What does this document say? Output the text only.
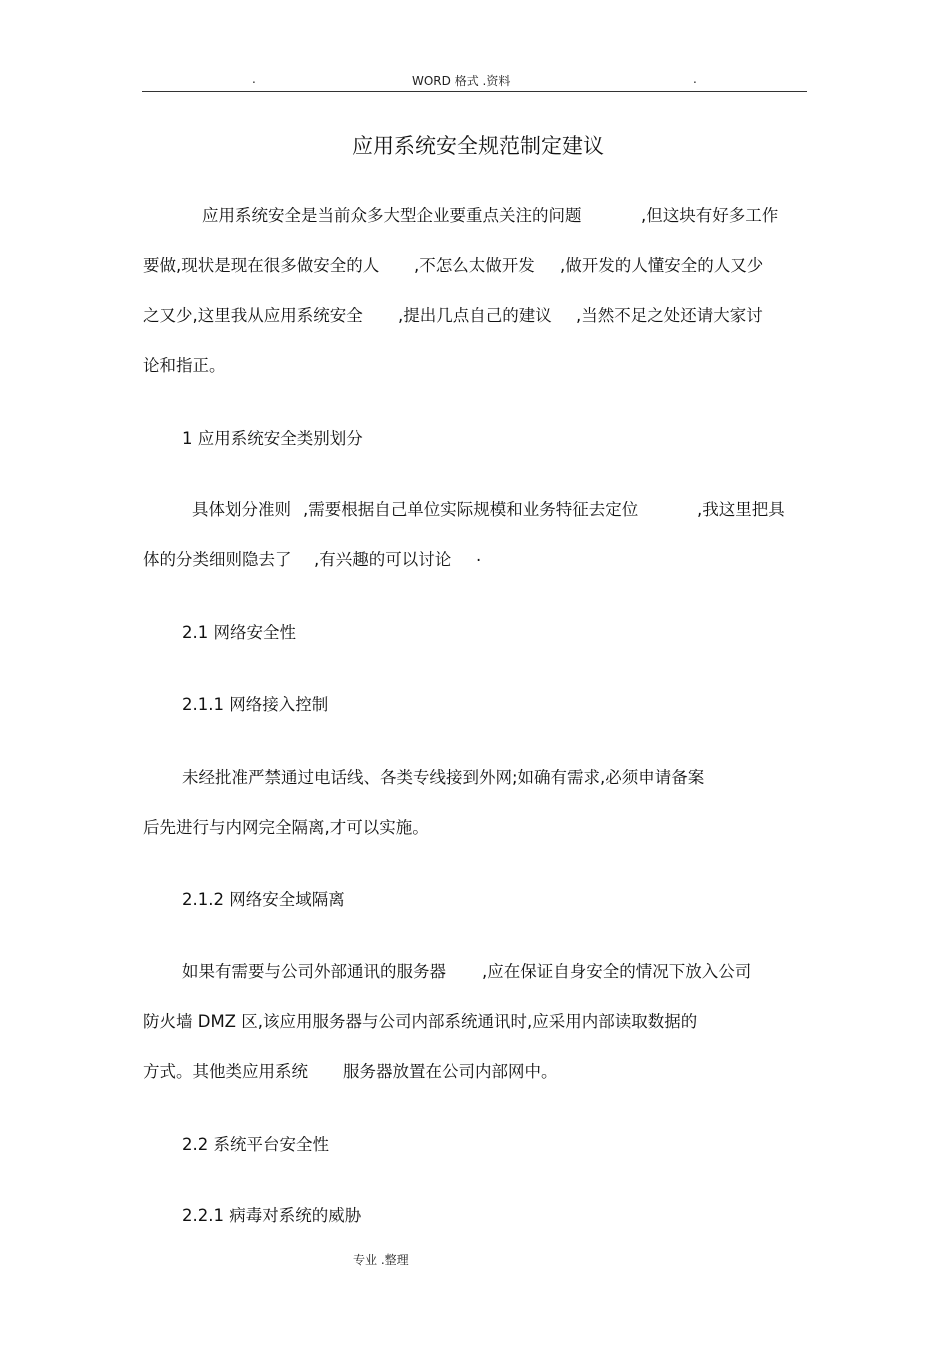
.	WORD 格式 .资料	.
应用系统安全规范制定建议
应用系统安全是当前众多大型企业要重点关注的问题	,但这块有好多工作
要做,现状是现在很多做安全的人 ,不怎么太做开发 ,做开发的人懂安全的人又少
之又少,这里我从应用系统安全 ,提出几点自己的建议 ,当然不足之处还请大家讨
论和指正。
1 应用系统安全类别划分
具体划分准则 ,需要根据自己单位实际规模和业务特征去定位	,我这里把具
体的分类细则隐去了 ,有兴趣的可以讨论 .
2.1 网络安全性
2.1.1 网络接入控制
未经批准严禁通过电话线、各类专线接到外网;如确有需求,必须申请备案
后先进行与内网完全隔离,才可以实施。
2.1.2 网络安全域隔离
如果有需要与公司外部通讯的服务器 ,应在保证自身安全的情况下放入公司
防火墙 DMZ 区,该应用服务器与公司内部系统通讯时,应采用内部读取数据的
方式。其他类应用系统 服务器放置在公司内部网中。
2.2 系统平台安全性
2.2.1 病毒对系统的威胁
专业 .整理
